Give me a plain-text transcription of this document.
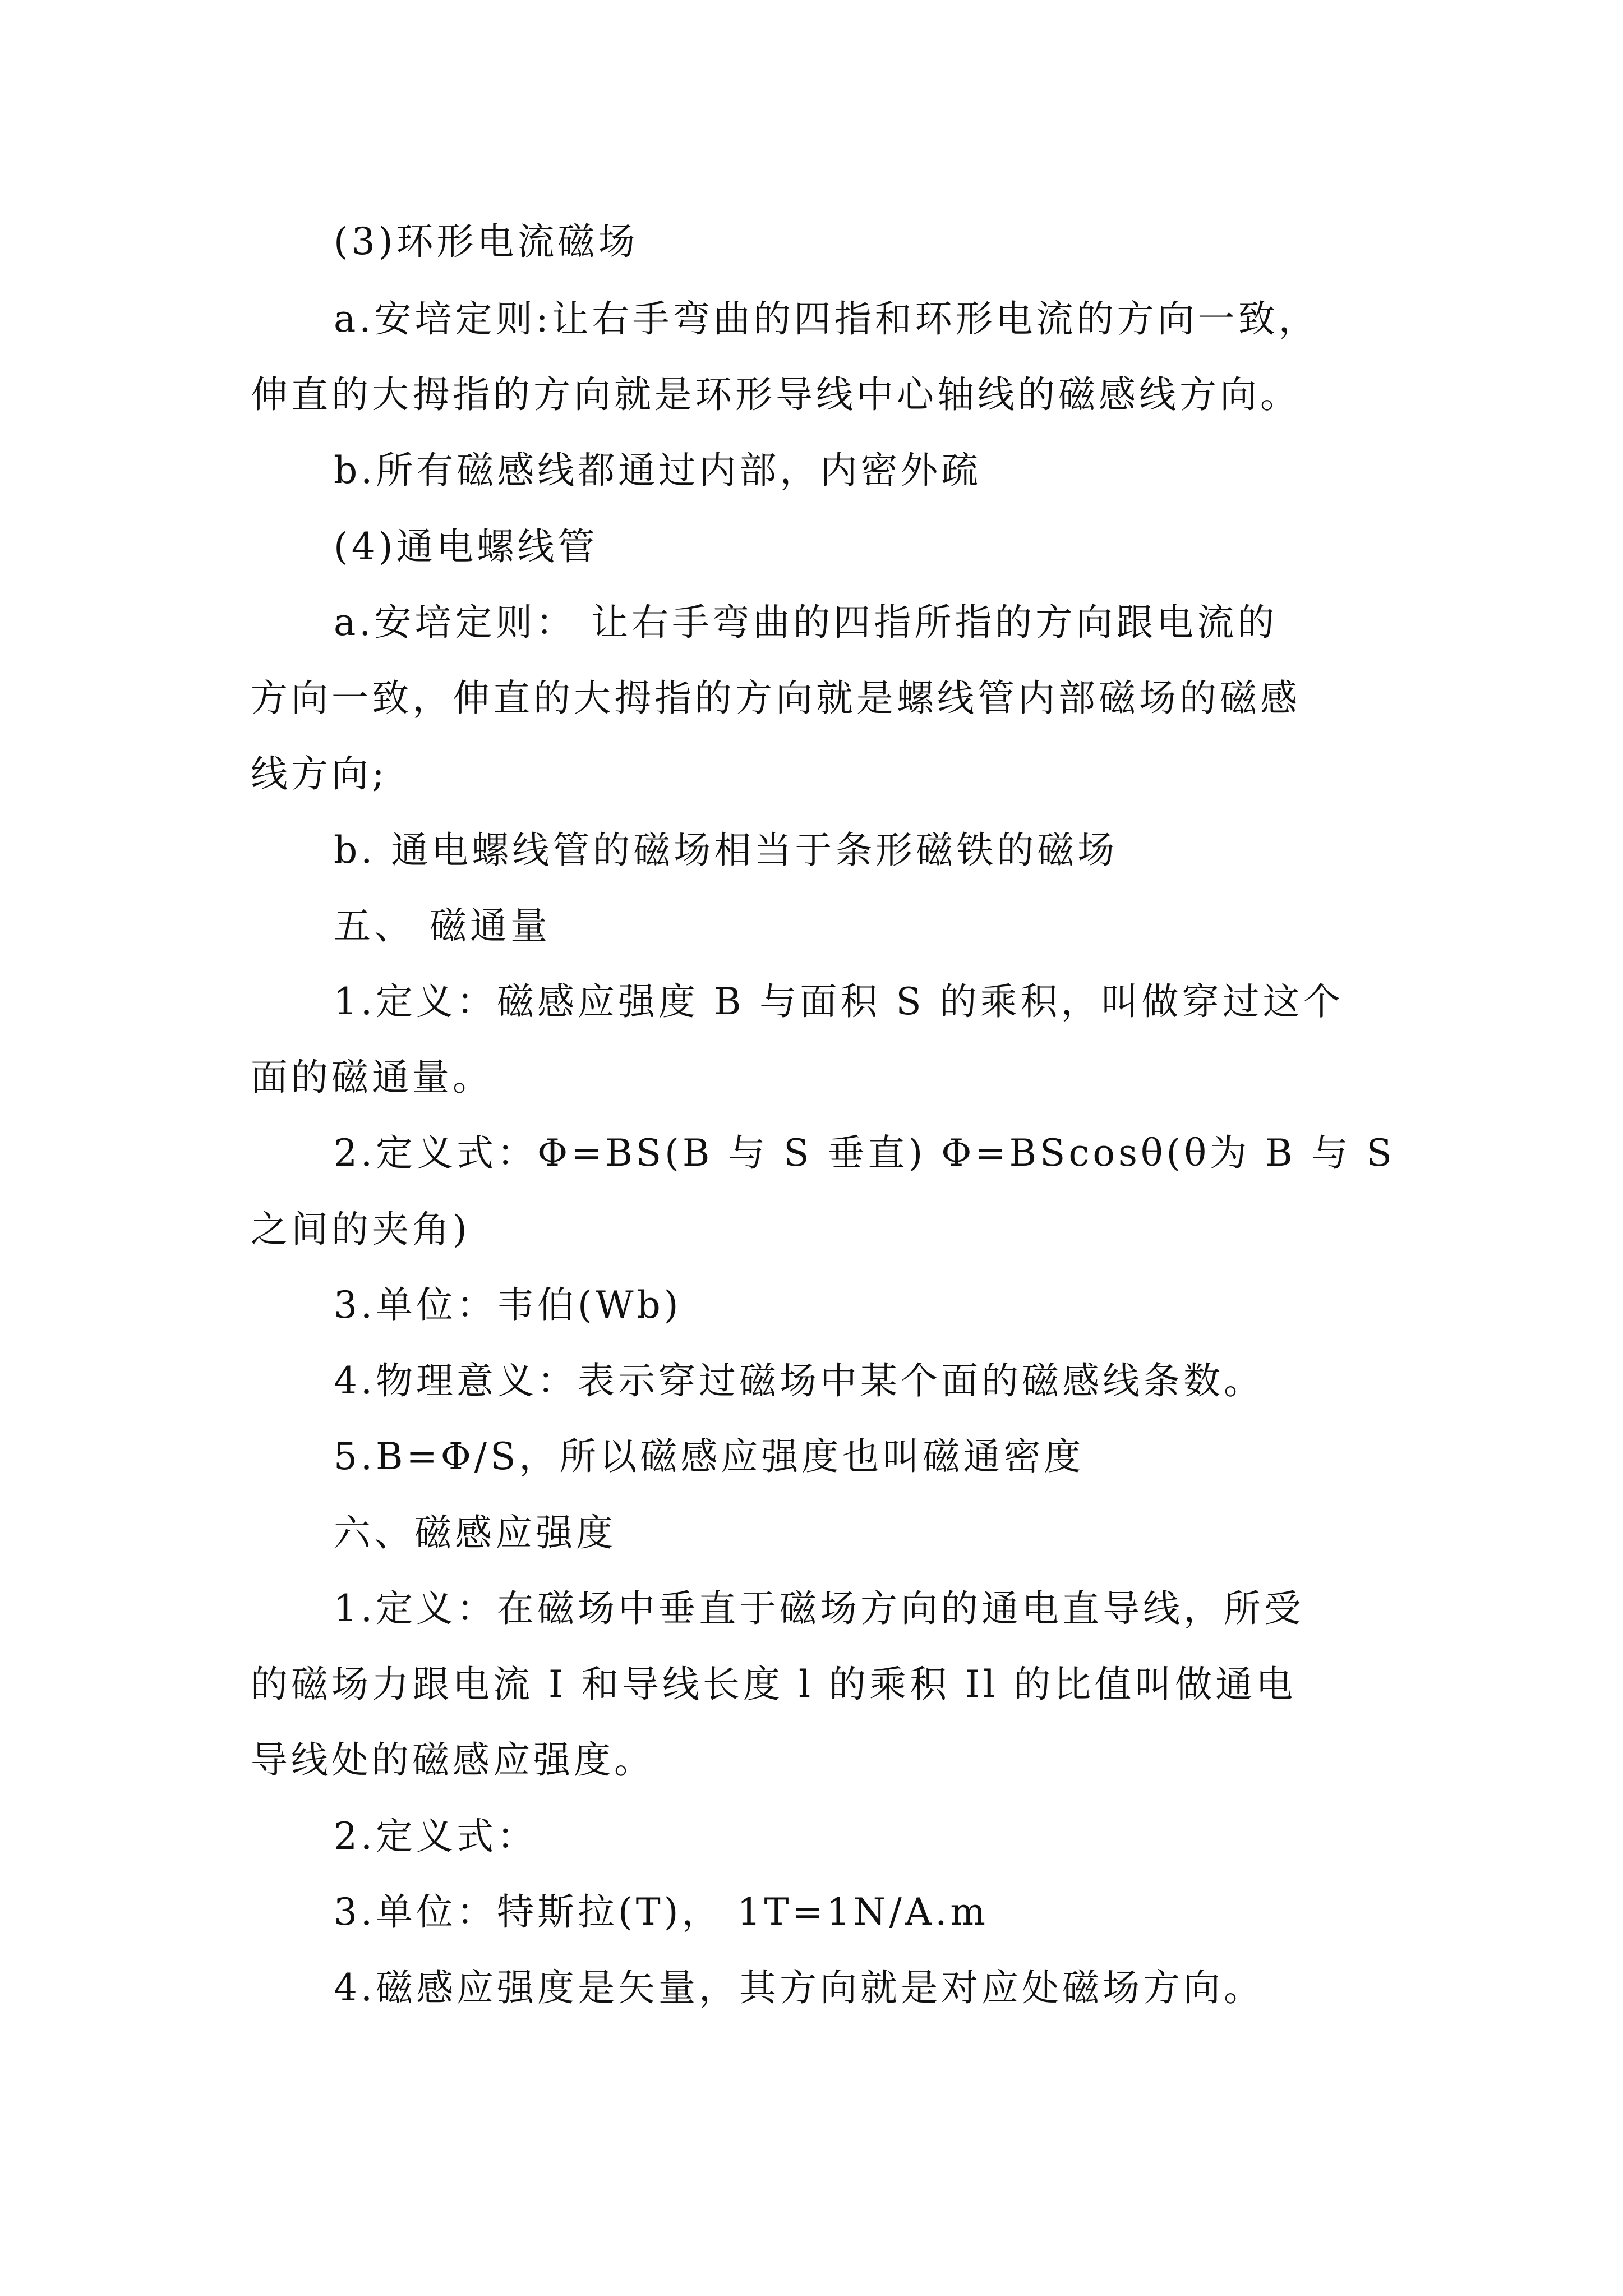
(3)环形电流磁场
a.安培定则:让右手弯曲的四指和环形电流的方向一致，
伸直的大拇指的方向就是环形导线中心轴线的磁感线方向。
b.所有磁感线都通过内部，内密外疏
(4)通电螺线管
a.安培定则： 让右手弯曲的四指所指的方向跟电流的
方向一致，伸直的大拇指的方向就是螺线管内部磁场的磁感
线方向;
b. 通电螺线管的磁场相当于条形磁铁的磁场
五、 磁通量
1.定义：磁感应强度 B 与面积 S 的乘积，叫做穿过这个
面的磁通量。
2.定义式：Φ=BS(B 与 S 垂直) Φ=BScosθ(θ为 B 与 S
之间的夹角)
3.单位：韦伯(Wb)
4.物理意义：表示穿过磁场中某个面的磁感线条数。
5.B=Φ/S，所以磁感应强度也叫磁通密度
六、磁感应强度
1.定义：在磁场中垂直于磁场方向的通电直导线，所受
的磁场力跟电流 I 和导线长度 l 的乘积 Il 的比值叫做通电
导线处的磁感应强度。
2.定义式：
3.单位：特斯拉(T)， 1T=1N/A.m
4.磁感应强度是矢量，其方向就是对应处磁场方向。
